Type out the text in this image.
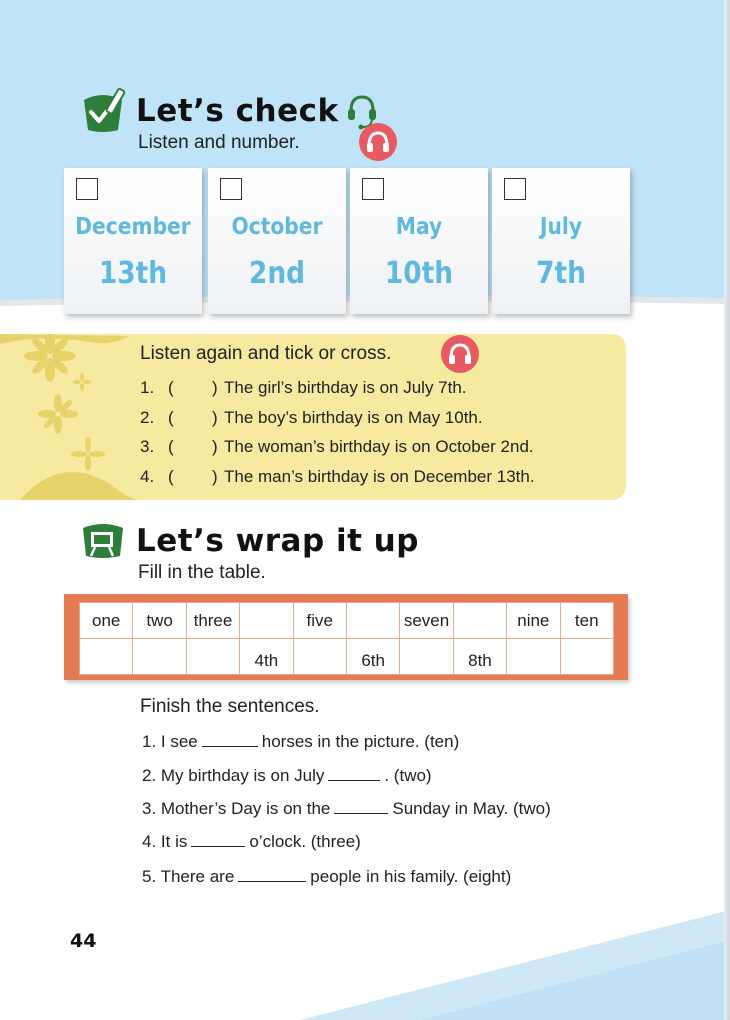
Let’s check
Listen and number.
December
13th
October
2nd
May
10th
July
7th
Listen again and tick or cross.
1. (	) The girl’s birthday is on July 7th.
2. (	) The boy’s birthday is on May 10th.
3. (	) The woman’s birthday is on October 2nd.
4. (	) The man’s birthday is on December 13th.
Let’s wrap it up
Fill in the table.
one	two	three		five		seven		nine	ten
			4th		6th		8th		
Finish the sentences.
1. I see	horses in the picture. (ten)
2. My birthday is on July	. (two)
3. Mother’s Day is on the	Sunday in May. (two)
4. It is	o’clock. (three)
5. There are	people in his family. (eight)
44
